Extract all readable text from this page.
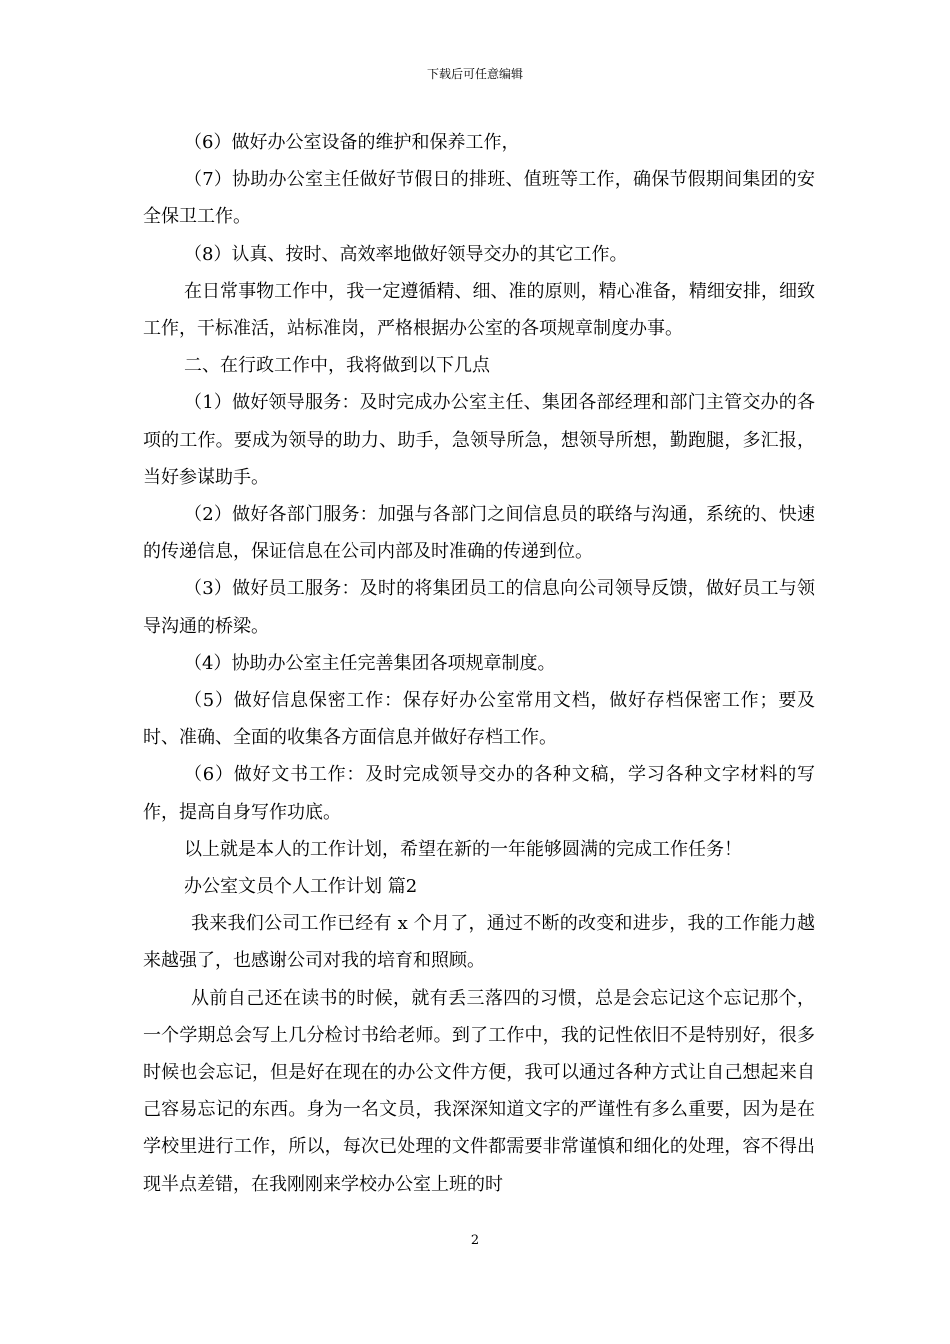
下载后可任意编辑

（6）做好办公室设备的维护和保养工作，

（7）协助办公室主任做好节假日的排班、值班等工作，确保节假期间集团的安全保卫工作。

（8）认真、按时、高效率地做好领导交办的其它工作。

在日常事物工作中，我一定遵循精、细、准的原则，精心准备，精细安排，细致工作，干标准活，站标准岗，严格根据办公室的各项规章制度办事。

二、在行政工作中，我将做到以下几点

（1）做好领导服务：及时完成办公室主任、集团各部经理和部门主管交办的各项的工作。要成为领导的助力、助手，急领导所急，想领导所想，勤跑腿，多汇报，当好参谋助手。

（2）做好各部门服务：加强与各部门之间信息员的联络与沟通，系统的、快速的传递信息，保证信息在公司内部及时准确的传递到位。

（3）做好员工服务：及时的将集团员工的信息向公司领导反馈，做好员工与领导沟通的桥梁。

（4）协助办公室主任完善集团各项规章制度。

（5）做好信息保密工作：保存好办公室常用文档，做好存档保密工作；要及时、准确、全面的收集各方面信息并做好存档工作。

（6）做好文书工作：及时完成领导交办的各种文稿，学习各种文字材料的写作，提高自身写作功底。

以上就是本人的工作计划，希望在新的一年能够圆满的完成工作任务！

办公室文员个人工作计划 篇2

我来我们公司工作已经有 x 个月了，通过不断的改变和进步，我的工作能力越来越强了，也感谢公司对我的培育和照顾。

从前自己还在读书的时候，就有丢三落四的习惯，总是会忘记这个忘记那个，一个学期总会写上几分检讨书给老师。到了工作中，我的记性依旧不是特别好，很多时候也会忘记，但是好在现在的办公文件方便，我可以通过各种方式让自己想起来自己容易忘记的东西。身为一名文员，我深深知道文字的严谨性有多么重要，因为是在学校里进行工作，所以，每次已处理的文件都需要非常谨慎和细化的处理，容不得出现半点差错，在我刚刚来学校办公室上班的时

2
